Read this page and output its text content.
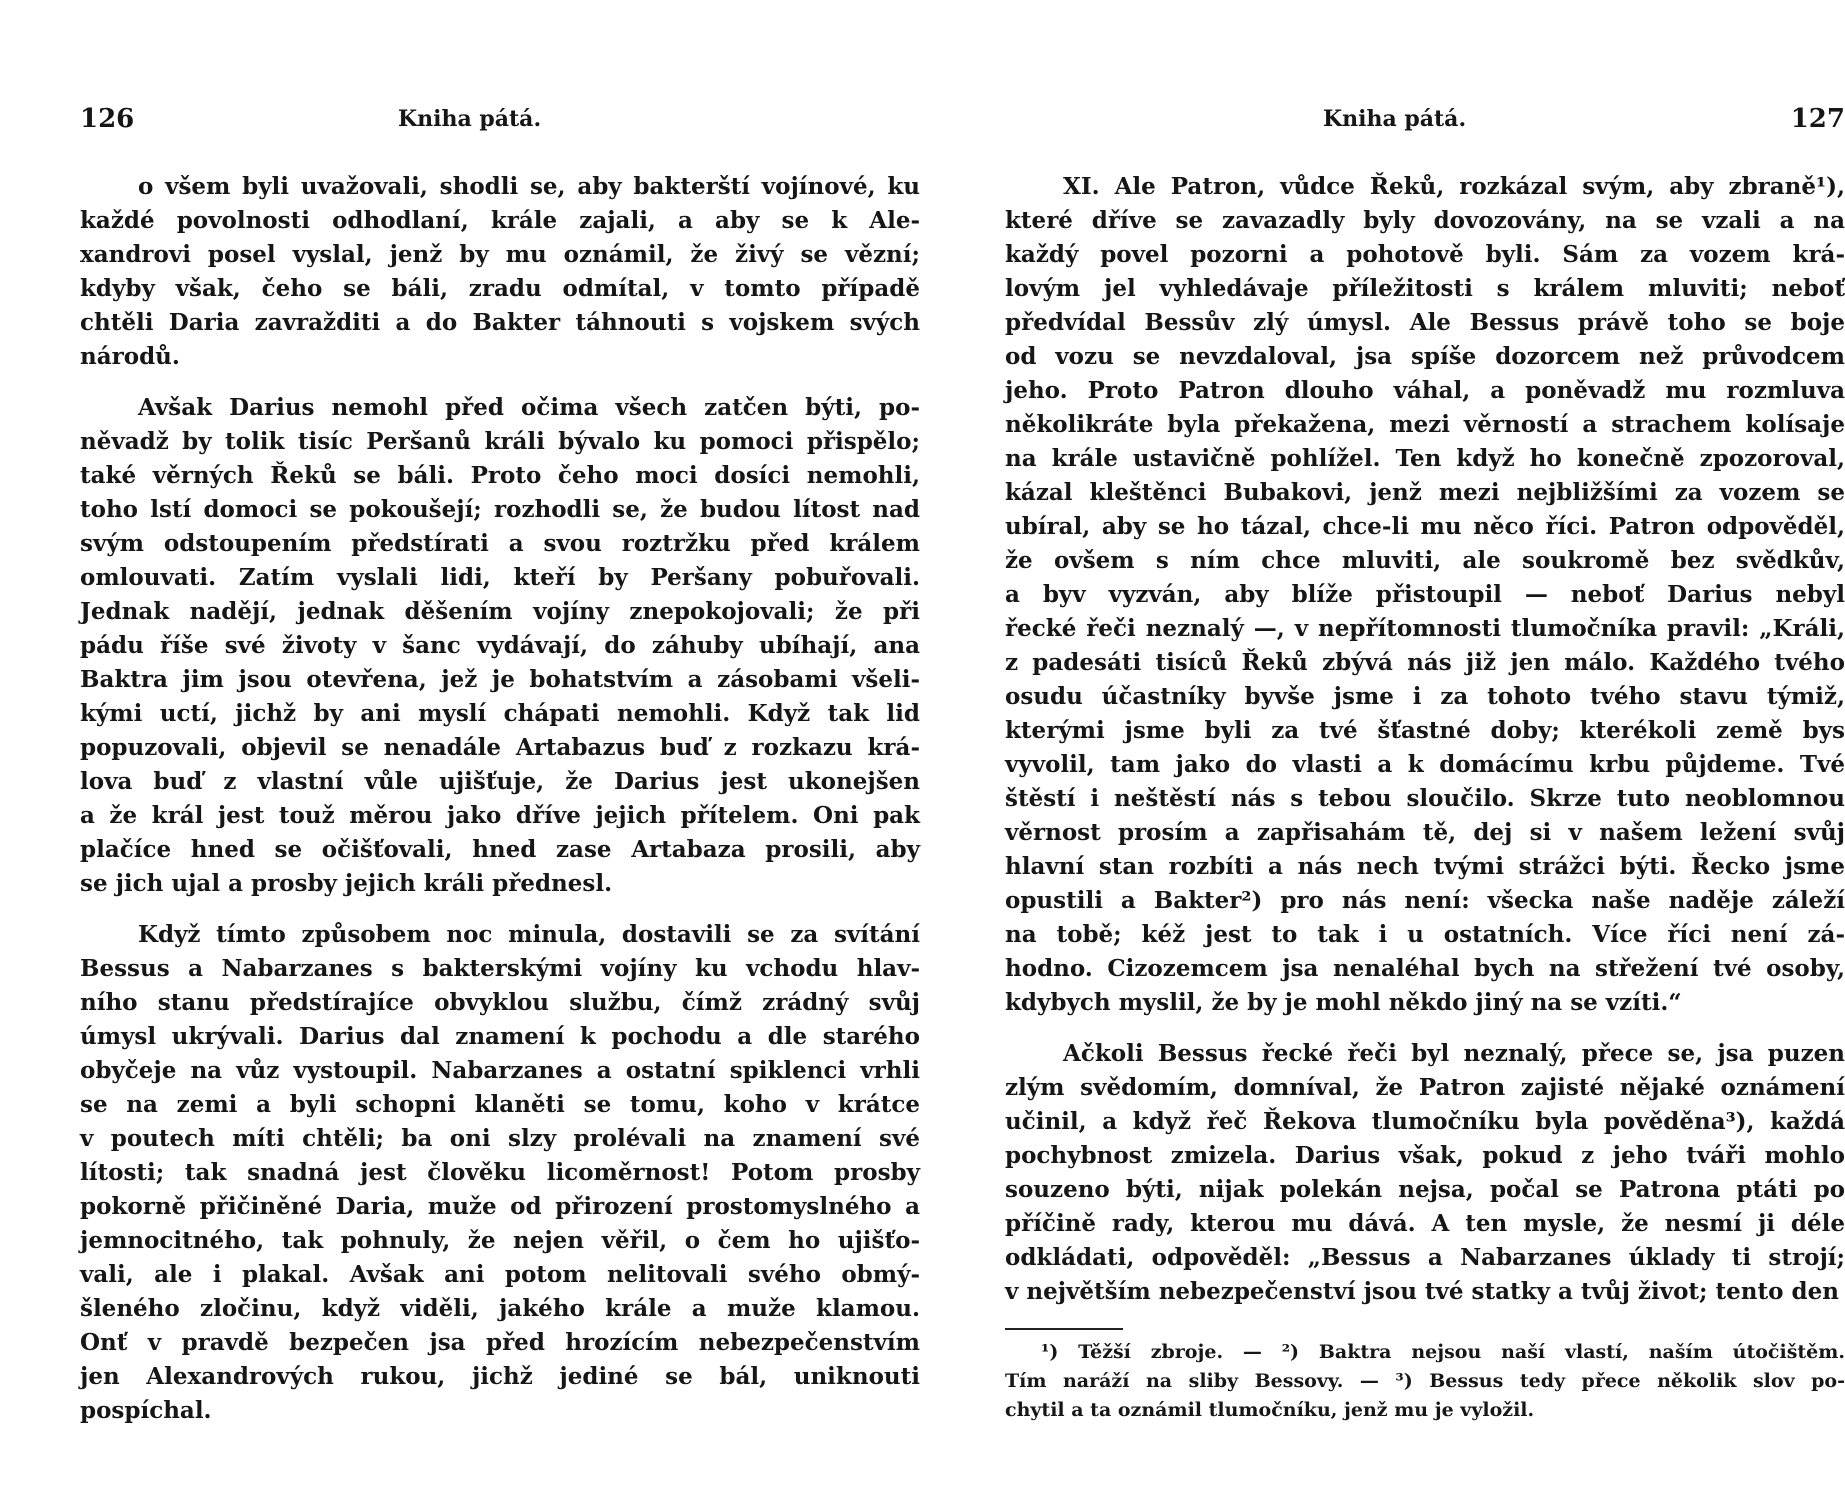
126	Kniha pátá.
o všem byli uvažovali, shodli se, aby bakterští vojínové, ku
každé povolnosti odhodlaní, krále zajali, a aby se k Ale-
xandrovi posel vyslal, jenž by mu oznámil, že živý se vězní;
kdyby však, čeho se báli, zradu odmítal, v tomto případě
chtěli Daria zavražditi a do Bakter táhnouti s vojskem svých
národů.
Avšak Darius nemohl před očima všech zatčen býti, po-
něvadž by tolik tisíc Peršanů králi bývalo ku pomoci přispělo;
také věrných Řeků se báli. Proto čeho moci dosíci nemohli,
toho lstí domoci se pokoušejí; rozhodli se, že budou lítost nad
svým odstoupením předstírati a svou roztržku před králem
omlouvati. Zatím vyslali lidi, kteří by Peršany pobuřovali.
Jednak nadějí, jednak děšením vojíny znepokojovali; že při
pádu říše své životy v šanc vydávají, do záhuby ubíhají, ana
Baktra jim jsou otevřena, jež je bohatstvím a zásobami všeli-
kými uctí, jichž by ani myslí chápati nemohli. Když tak lid
popuzovali, objevil se nenadále Artabazus buď z rozkazu krá-
lova buď z vlastní vůle ujišťuje, že Darius jest ukonejšen
a že král jest touž měrou jako dříve jejich přítelem. Oni pak
plačíce hned se očišťovali, hned zase Artabaza prosili, aby
se jich ujal a prosby jejich králi přednesl.
Když tímto způsobem noc minula, dostavili se za svítání
Bessus a Nabarzanes s bakterskými vojíny ku vchodu hlav-
ního stanu předstírajíce obvyklou službu, čímž zrádný svůj
úmysl ukrývali. Darius dal znamení k pochodu a dle starého
obyčeje na vůz vystoupil. Nabarzanes a ostatní spiklenci vrhli
se na zemi a byli schopni klaněti se tomu, koho v krátce
v poutech míti chtěli; ba oni slzy prolévali na znamení své
lítosti; tak snadná jest člověku licoměrnost! Potom prosby
pokorně přičiněné Daria, muže od přirození prostomyslného a
jemnocitného, tak pohnuly, že nejen věřil, o čem ho ujišťo-
vali, ale i plakal. Avšak ani potom nelitovali svého obmý-
šleného zločinu, když viděli, jakého krále a muže klamou.
Onť v pravdě bezpečen jsa před hrozícím nebezpečenstvím
jen Alexandrových rukou, jichž jediné se bál, uniknouti
pospíchal.
Kniha pátá.	127
XI. Ale Patron, vůdce Řeků, rozkázal svým, aby zbraně¹),
které dříve se zavazadly byly dovozovány, na se vzali a na
každý povel pozorni a pohotově byli. Sám za vozem krá-
lovým jel vyhledávaje příležitosti s králem mluviti; neboť
předvídal Bessův zlý úmysl. Ale Bessus právě toho se boje
od vozu se nevzdaloval, jsa spíše dozorcem než průvodcem
jeho. Proto Patron dlouho váhal, a poněvadž mu rozmluva
několikráte byla překažena, mezi věrností a strachem kolísaje
na krále ustavičně pohlížel. Ten když ho konečně zpozoroval,
kázal kleštěnci Bubakovi, jenž mezi nejbližšími za vozem se
ubíral, aby se ho tázal, chce-li mu něco říci. Patron odpověděl,
že ovšem s ním chce mluviti, ale soukromě bez svědkův,
a byv vyzván, aby blíže přistoupil — neboť Darius nebyl
řecké řeči neznalý —, v nepřítomnosti tlumočníka pravil: „Králi,
z padesáti tisíců Řeků zbývá nás již jen málo. Každého tvého
osudu účastníky byvše jsme i za tohoto tvého stavu týmiž,
kterými jsme byli za tvé šťastné doby; kterékoli země bys
vyvolil, tam jako do vlasti a k domácímu krbu půjdeme. Tvé
štěstí i neštěstí nás s tebou sloučilo. Skrze tuto neoblomnou
věrnost prosím a zapřisahám tě, dej si v našem ležení svůj
hlavní stan rozbíti a nás nech tvými strážci býti. Řecko jsme
opustili a Bakter²) pro nás není: všecka naše naděje záleží
na tobě; kéž jest to tak i u ostatních. Více říci není zá-
hodno. Cizozemcem jsa nenaléhal bych na střežení tvé osoby,
kdybych myslil, že by je mohl někdo jiný na se vzíti.“
Ačkoli Bessus řecké řeči byl neznalý, přece se, jsa puzen
zlým svědomím, domníval, že Patron zajisté nějaké oznámení
učinil, a když řeč Řekova tlumočníku byla pověděna³), každá
pochybnost zmizela. Darius však, pokud z jeho tváři mohlo
souzeno býti, nijak polekán nejsa, počal se Patrona ptáti po
příčině rady, kterou mu dává. A ten mysle, že nesmí ji déle
odkládati, odpověděl: „Bessus a Nabarzanes úklady ti strojí;
v největším nebezpečenství jsou tvé statky a tvůj život; tento den
¹) Těžší zbroje. — ²) Baktra nejsou naší vlastí, naším útočištěm.
Tím naráží na sliby Bessovy. — ³) Bessus tedy přece několik slov po-
chytil a ta oznámil tlumočníku, jenž mu je vyložil.
